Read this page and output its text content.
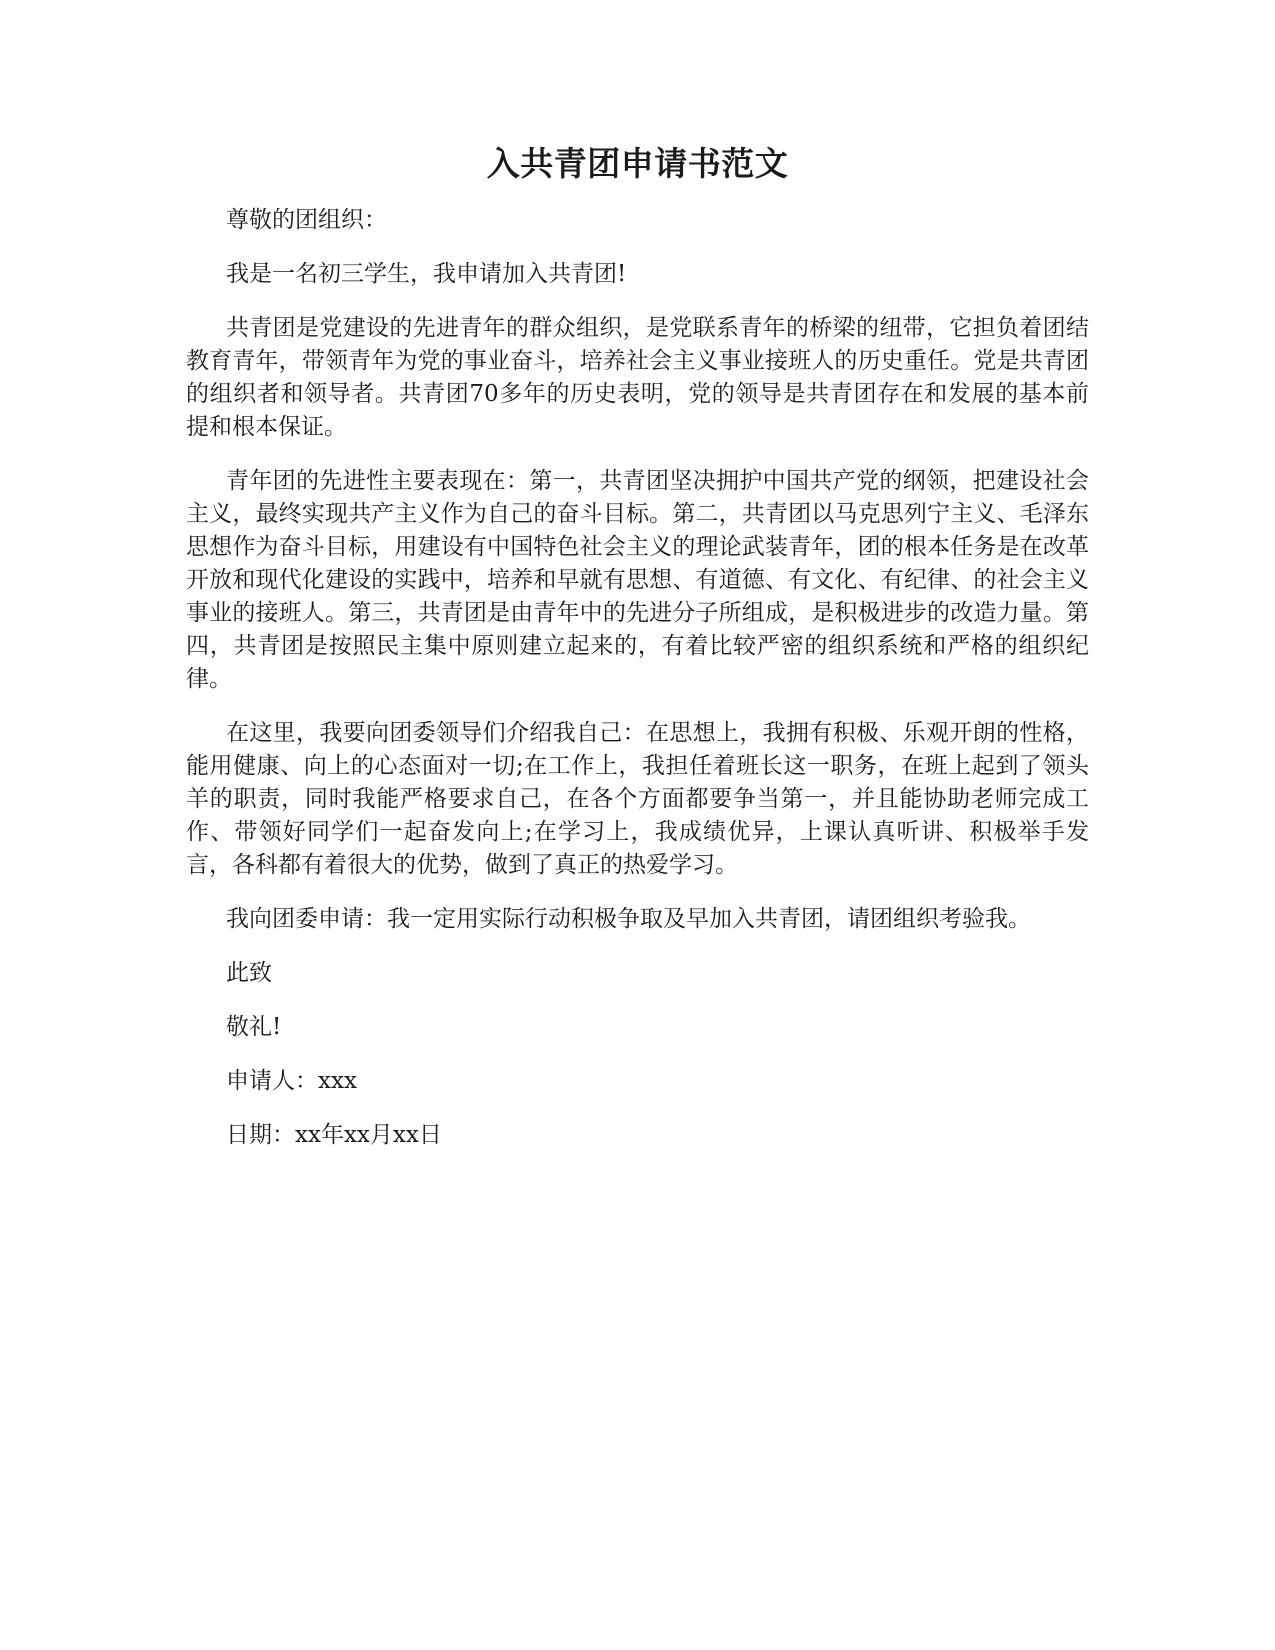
入共青团申请书范文
尊敬的团组织：
我是一名初三学生，我申请加入共青团!
共青团是党建设的先进青年的群众组织，是党联系青年的桥梁的纽带，它担负着团结教育青年，带领青年为党的事业奋斗，培养社会主义事业接班人的历史重任。党是共青团的组织者和领导者。共青团70多年的历史表明，党的领导是共青团存在和发展的基本前提和根本保证。
青年团的先进性主要表现在：第一，共青团坚决拥护中国共产党的纲领，把建设社会主义，最终实现共产主义作为自己的奋斗目标。第二，共青团以马克思列宁主义、毛泽东思想作为奋斗目标，用建设有中国特色社会主义的理论武装青年，团的根本任务是在改革开放和现代化建设的实践中，培养和早就有思想、有道德、有文化、有纪律、的社会主义事业的接班人。第三，共青团是由青年中的先进分子所组成，是积极进步的改造力量。第四，共青团是按照民主集中原则建立起来的，有着比较严密的组织系统和严格的组织纪律。
在这里，我要向团委领导们介绍我自己：在思想上，我拥有积极、乐观开朗的性格，能用健康、向上的心态面对一切;在工作上，我担任着班长这一职务，在班上起到了领头羊的职责，同时我能严格要求自己，在各个方面都要争当第一，并且能协助老师完成工作、带领好同学们一起奋发向上;在学习上，我成绩优异，上课认真听讲、积极举手发言，各科都有着很大的优势，做到了真正的热爱学习。
我向团委申请：我一定用实际行动积极争取及早加入共青团，请团组织考验我。
此致
敬礼!
申请人：xxx
日期：xx年xx月xx日
